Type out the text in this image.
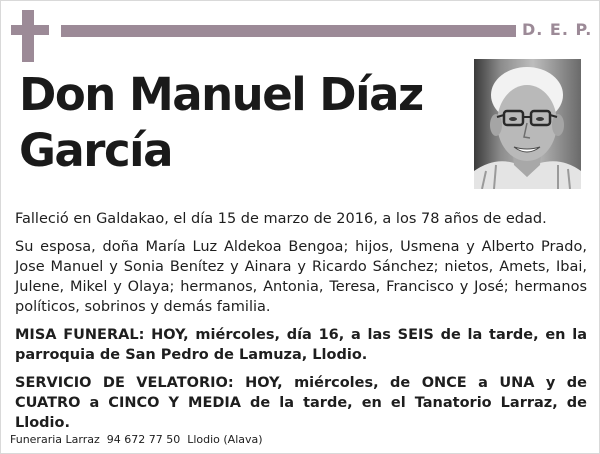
D. E. P.
Don Manuel Díaz García

Falleció en Galdakao, el día 15 de marzo de 2016, a los 78 años de edad.

Su esposa, doña María Luz Aldekoa Bengoa; hijos, Usmena y Alberto Prado, Jose Manuel y Sonia Benítez y Ainara y Ricardo Sánchez; nietos, Amets, Ibai, Julene, Mikel y Olaya; hermanos, Antonia, Teresa, Francisco y José; hermanos políticos, sobrinos y demás familia.

MISA FUNERAL: HOY, miércoles, día 16, a las SEIS de la tarde, en la parroquia de San Pedro de Lamuza, Llodio.

SERVICIO DE VELATORIO: HOY, miércoles, de ONCE a UNA y de CUATRO a CINCO Y MEDIA de la tarde, en el Tanatorio Larraz, de Llodio.

Funeraria Larraz  94 672 77 50  Llodio (Alava)
